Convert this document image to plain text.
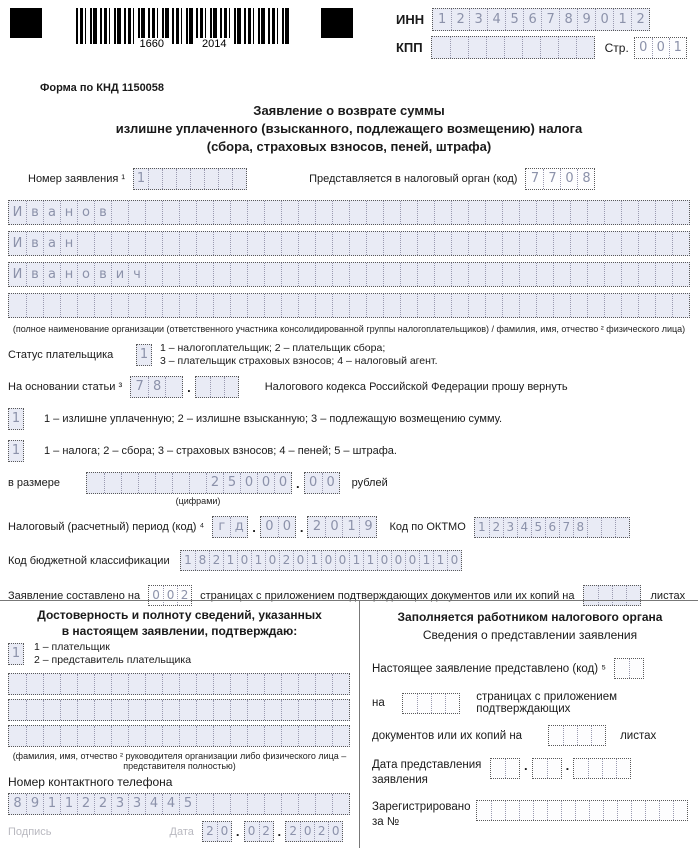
1660	2014
ИНН	1 2 3 4 5 6 7 8 9 0 1 2
КПП

	Стр. 0 0 1
Форма по КНД 1150058
Заявление о возврате суммы
излишне уплаченного (взысканного, подлежащего возмещению) налога
(сбора, страховых взносов, пеней, штрафа)
Номер заявления ¹ 1

	Представляется в налоговый орган (код)	7 7 0 8
И в а н о в

И в а н

И в а н о в и ч

(полное наименование организации (ответственного участника консолидированной группы налогоплательщиков) / фамилия, имя, отчество ² физического лица)
Статус плательщика	1 1 – налогоплательщик; 2 – плательщик сбора;
3 – плательщик страховых взносов; 4 – налоговый агент.
На основании статьи ³	7 8
.

	Налогового кодекса Российской Федерации прошу вернуть
1 1 – излишне уплаченную; 2 – излишне взысканную; 3 – подлежащую возмещению сумму.
1 1 – налога; 2 – сбора; 3 – страховых взносов; 4 – пеней; 5 – штрафа.
в размере

	2 5 0 0 0 . 0 0	рублей
(цифрами)
Налоговый (расчетный) период (код) ⁴	г д . 0 0 . 2 0 1 9	Код по ОКТМО 1 2 3 4 5 6 7 8

Код бюджетной классификации	1 8 2 1 0 1 0 2 0 1 0 0 1 1 0 0 0 1 1 0
Заявление составлено на 0 0 2 страницах с приложением подтверждающих документов или их копий на

	листах
Достоверность и полноту сведений, указанных
в настоящем заявлении, подтверждаю:
1 1 – плательщик
2 – представитель плательщика

(фамилия, имя, отчество ² руководителя организации либо физического лица –
представителя полностью)
Номер контактного телефона
8 9 1 1 2 2 3 3 4 4 5

Подпись	Дата 2 0 . 0 2 . 2 0 2 0
Заполняется работником налогового органа
Сведения о представлении заявления
Настоящее заявление представлено (код) ⁵

на

	страницах с приложением подтверждающих
документов или их копий на

	листах
Дата представления
заявления

.

	.

Зарегистрировано
за №
